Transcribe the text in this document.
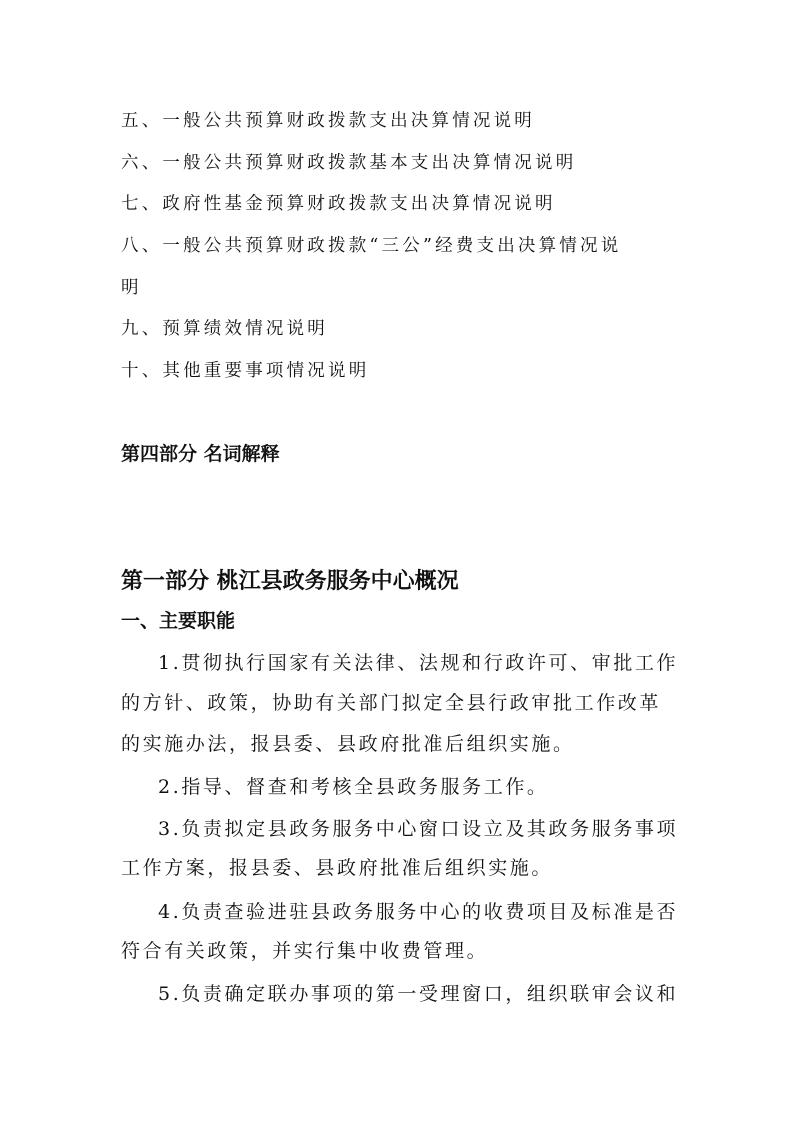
五、一般公共预算财政拨款支出决算情况说明

六、一般公共预算财政拨款基本支出决算情况说明

七、政府性基金预算财政拨款支出决算情况说明

八、一般公共预算财政拨款“三公”经费支出决算情况说

明

九、预算绩效情况说明

十、其他重要事项情况说明

第四部分 名词解释
第一部分 桃江县政务服务中心概况
一、主要职能

1.贯彻执行国家有关法律、法规和行政许可、审批工作

的方针、政策，协助有关部门拟定全县行政审批工作改革

的实施办法，报县委、县政府批准后组织实施。

2.指导、督查和考核全县政务服务工作。

3.负责拟定县政务服务中心窗口设立及其政务服务事项

工作方案，报县委、县政府批准后组织实施。

4.负责查验进驻县政务服务中心的收费项目及标准是否

符合有关政策，并实行集中收费管理。

5.负责确定联办事项的第一受理窗口，组织联审会议和
